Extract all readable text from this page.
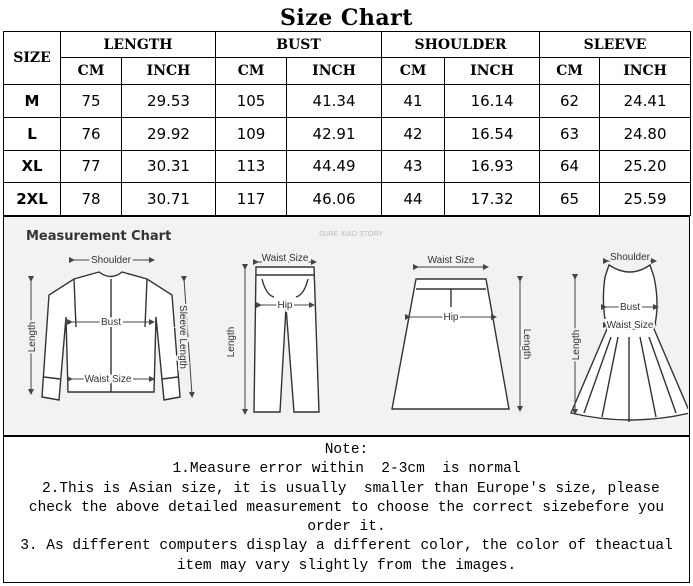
Size Chart
SIZE	LENGTH		BUST		SHOULDER		SLEEVE	
	CM	INCH	CM	INCH	CM	INCH	CM	INCH
M	75	29.53	105	41.34	41	16.14	62	24.41
L	76	29.92	109	42.91	42	16.54	63	24.80
XL	77	30.31	113	44.49	43	16.93	64	25.20
2XL	78	30.71	117	46.06	44	17.32	65	25.59
Measurement Chart	SURE XIAO STORY
Shoulder
Bust
Waist Size
Length	Sleeve Length
Waist Size
Hip
Length
Waist Size
Hip
Length
Shoulder
Bust
Waist Size
Length
Note:
1.Measure error within  2-3cm  is normal
2.This is Asian size, it is usually  smaller than Europe's size, please
check the above detailed measurement to choose the correct sizebefore you
order it.
3. As different computers display a different color, the color of theactual
item may vary slightly from the images.
